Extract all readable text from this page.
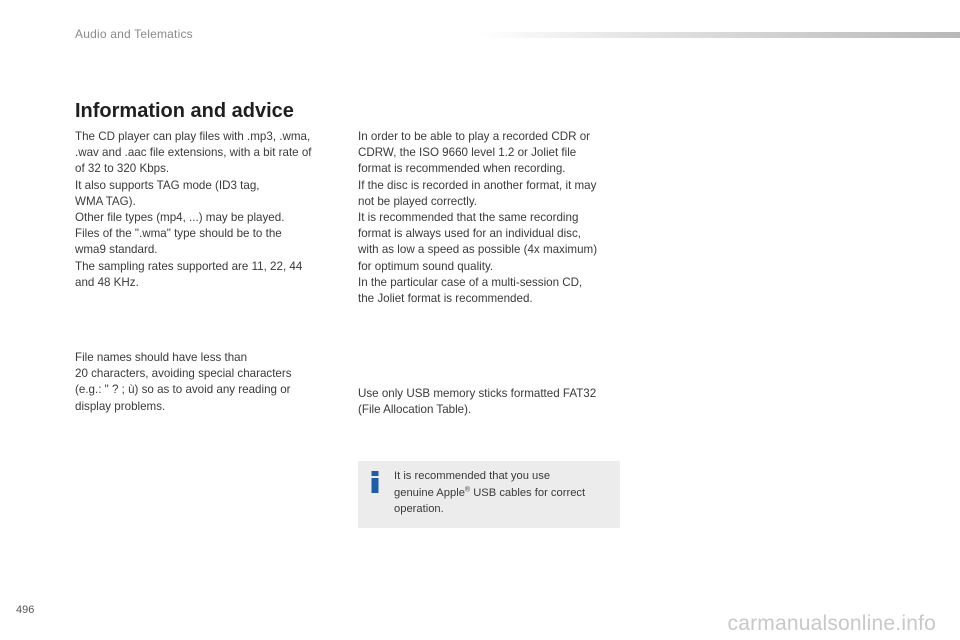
Audio and Telematics
Information and advice
The CD player can play files with .mp3, .wma,
.wav and .aac file extensions, with a bit rate of
of 32 to 320 Kbps.
It also supports TAG mode (ID3 tag,
WMA TAG).
Other file types (mp4, ...) may be played.
Files of the ".wma" type should be to the
wma9 standard.
The sampling rates supported are 11, 22, 44
and 48 KHz.
File names should have less than
20 characters, avoiding special characters
(e.g.: " ? ; ù) so as to avoid any reading or
display problems.
In order to be able to play a recorded CDR or
CDRW, the ISO 9660 level 1.2 or Joliet file
format is recommended when recording.
If the disc is recorded in another format, it may
not be played correctly.
It is recommended that the same recording
format is always used for an individual disc,
with as low a speed as possible (4x maximum)
for optimum sound quality.
In the particular case of a multi-session CD,
the Joliet format is recommended.
Use only USB memory sticks formatted FAT32
(File Allocation Table).
It is recommended that you use
genuine Apple® USB cables for correct
operation.
496
carmanualsonline.info
